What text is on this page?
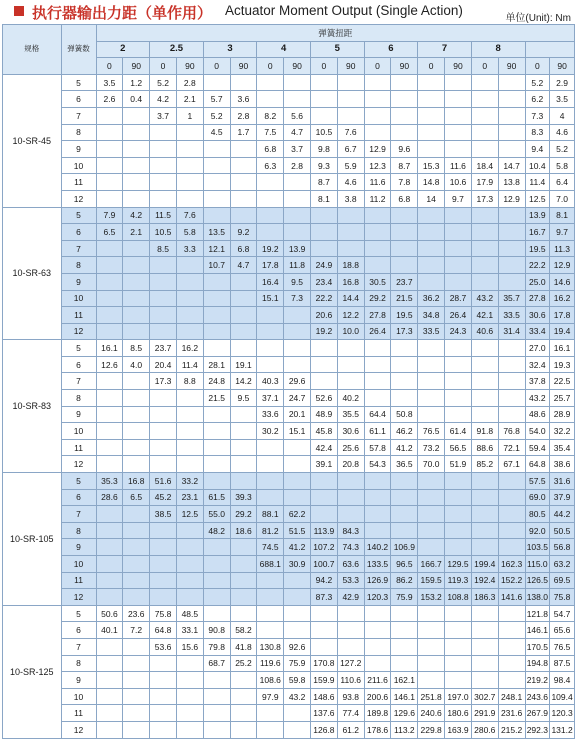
执行器输出力距（单作用） Actuator Moment Output (Single Action)
单位(Unit): Nm
规格	弹簧数	弹簧扭距																	
		2		2.5		3		4		5		6		7		8			
		0	90	0	90	0	90	0	90	0	90	0	90	0	90	0	90	0	90
10-SR-45	5	3.5	1.2	5.2	2.8													5.2	2.9
	6	2.6	0.4	4.2	2.1	5.7	3.6											6.2	3.5
	7			3.7	1	5.2	2.8	8.2	5.6									7.3	4
	8					4.5	1.7	7.5	4.7	10.5	7.6							8.3	4.6
	9							6.8	3.7	9.8	6.7	12.9	9.6					9.4	5.2
	10							6.3	2.8	9.3	5.9	12.3	8.7	15.3	11.6	18.4	14.7	10.4	5.8
	11									8.7	4.6	11.6	7.8	14.8	10.6	17.9	13.8	11.4	6.4
	12									8.1	3.8	11.2	6.8	14	9.7	17.3	12.9	12.5	7.0
10-SR-63	5	7.9	4.2	11.5	7.6													13.9	8.1
	6	6.5	2.1	10.5	5.8	13.5	9.2											16.7	9.7
	7			8.5	3.3	12.1	6.8	19.2	13.9									19.5	11.3
	8					10.7	4.7	17.8	11.8	24.9	18.8							22.2	12.9
	9							16.4	9.5	23.4	16.8	30.5	23.7					25.0	14.6
	10							15.1	7.3	22.2	14.4	29.2	21.5	36.2	28.7	43.2	35.7	27.8	16.2
	11									20.6	12.2	27.8	19.5	34.8	26.4	42.1	33.5	30.6	17.8
	12									19.2	10.0	26.4	17.3	33.5	24.3	40.6	31.4	33.4	19.4
10-SR-83	5	16.1	8.5	23.7	16.2													27.0	16.1
	6	12.6	4.0	20.4	11.4	28.1	19.1											32.4	19.3
	7			17.3	8.8	24.8	14.2	40.3	29.6									37.8	22.5
	8					21.5	9.5	37.1	24.7	52.6	40.2							43.2	25.7
	9							33.6	20.1	48.9	35.5	64.4	50.8					48.6	28.9
	10							30.2	15.1	45.8	30.6	61.1	46.2	76.5	61.4	91.8	76.8	54.0	32.2
	11									42.4	25.6	57.8	41.2	73.2	56.5	88.6	72.1	59.4	35.4
	12									39.1	20.8	54.3	36.5	70.0	51.9	85.2	67.1	64.8	38.6
10-SR-105	5	35.3	16.8	51.6	33.2													57.5	31.6
	6	28.6	6.5	45.2	23.1	61.5	39.3											69.0	37.9
	7			38.5	12.5	55.0	29.2	88.1	62.2									80.5	44.2
	8					48.2	18.6	81.2	51.5	113.9	84.3							92.0	50.5
	9							74.5	41.2	107.2	74.3	140.2	106.9					103.5	56.8
	10							688.1	30.9	100.7	63.6	133.5	96.5	166.7	129.5	199.4	162.3	115.0	63.2
	11									94.2	53.3	126.9	86.2	159.5	119.3	192.4	152.2	126.5	69.5
	12									87.3	42.9	120.3	75.9	153.2	108.8	186.3	141.6	138.0	75.8
10-SR-125	5	50.6	23.6	75.8	48.5													121.8	54.7
	6	40.1	7.2	64.8	33.1	90.8	58.2											146.1	65.6
	7			53.6	15.6	79.8	41.8	130.8	92.6									170.5	76.5
	8					68.7	25.2	119.6	75.9	170.8	127.2							194.8	87.5
	9							108.6	59.8	159.9	110.6	211.6	162.1					219.2	98.4
	10							97.9	43.2	148.6	93.8	200.6	146.1	251.8	197.0	302.7	248.1	243.6	109.4
	11									137.6	77.4	189.8	129.6	240.6	180.6	291.9	231.6	267.9	120.3
	12									126.8	61.2	178.6	113.2	229.8	163.9	280.6	215.2	292.3	131.2
